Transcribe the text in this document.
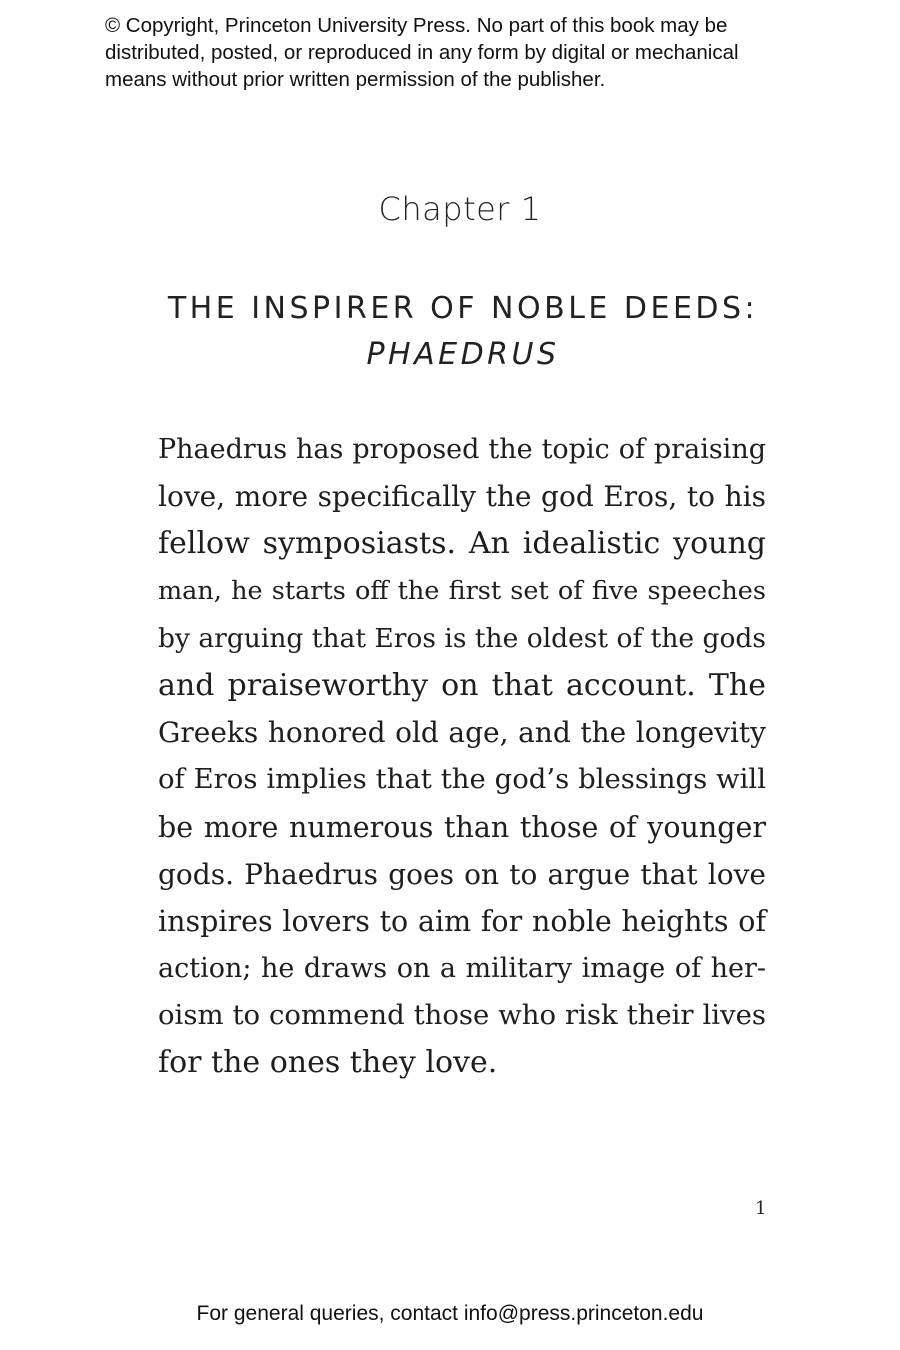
© Copyright, Princeton University Press. No part of this book may be
distributed, posted, or reproduced in any form by digital or mechanical
means without prior written permission of the publisher.
Chapter 1
THE INSPIRER OF NOBLE DEEDS:
PHAEDRUS
Phaedrus has proposed the topic of praising
love, more specifically the god Eros, to his
fellow symposiasts. An idealistic young
man, he starts off the first set of five speeches
by arguing that Eros is the oldest of the gods
and praiseworthy on that account. The
Greeks honored old age, and the longevity
of Eros implies that the god’s blessings will
be more numerous than those of younger
gods. Phaedrus goes on to argue that love
inspires lovers to aim for noble heights of
action; he draws on a military image of her-
oism to commend those who risk their lives
for the ones they love.
1
For general queries, contact info@press.princeton.edu
